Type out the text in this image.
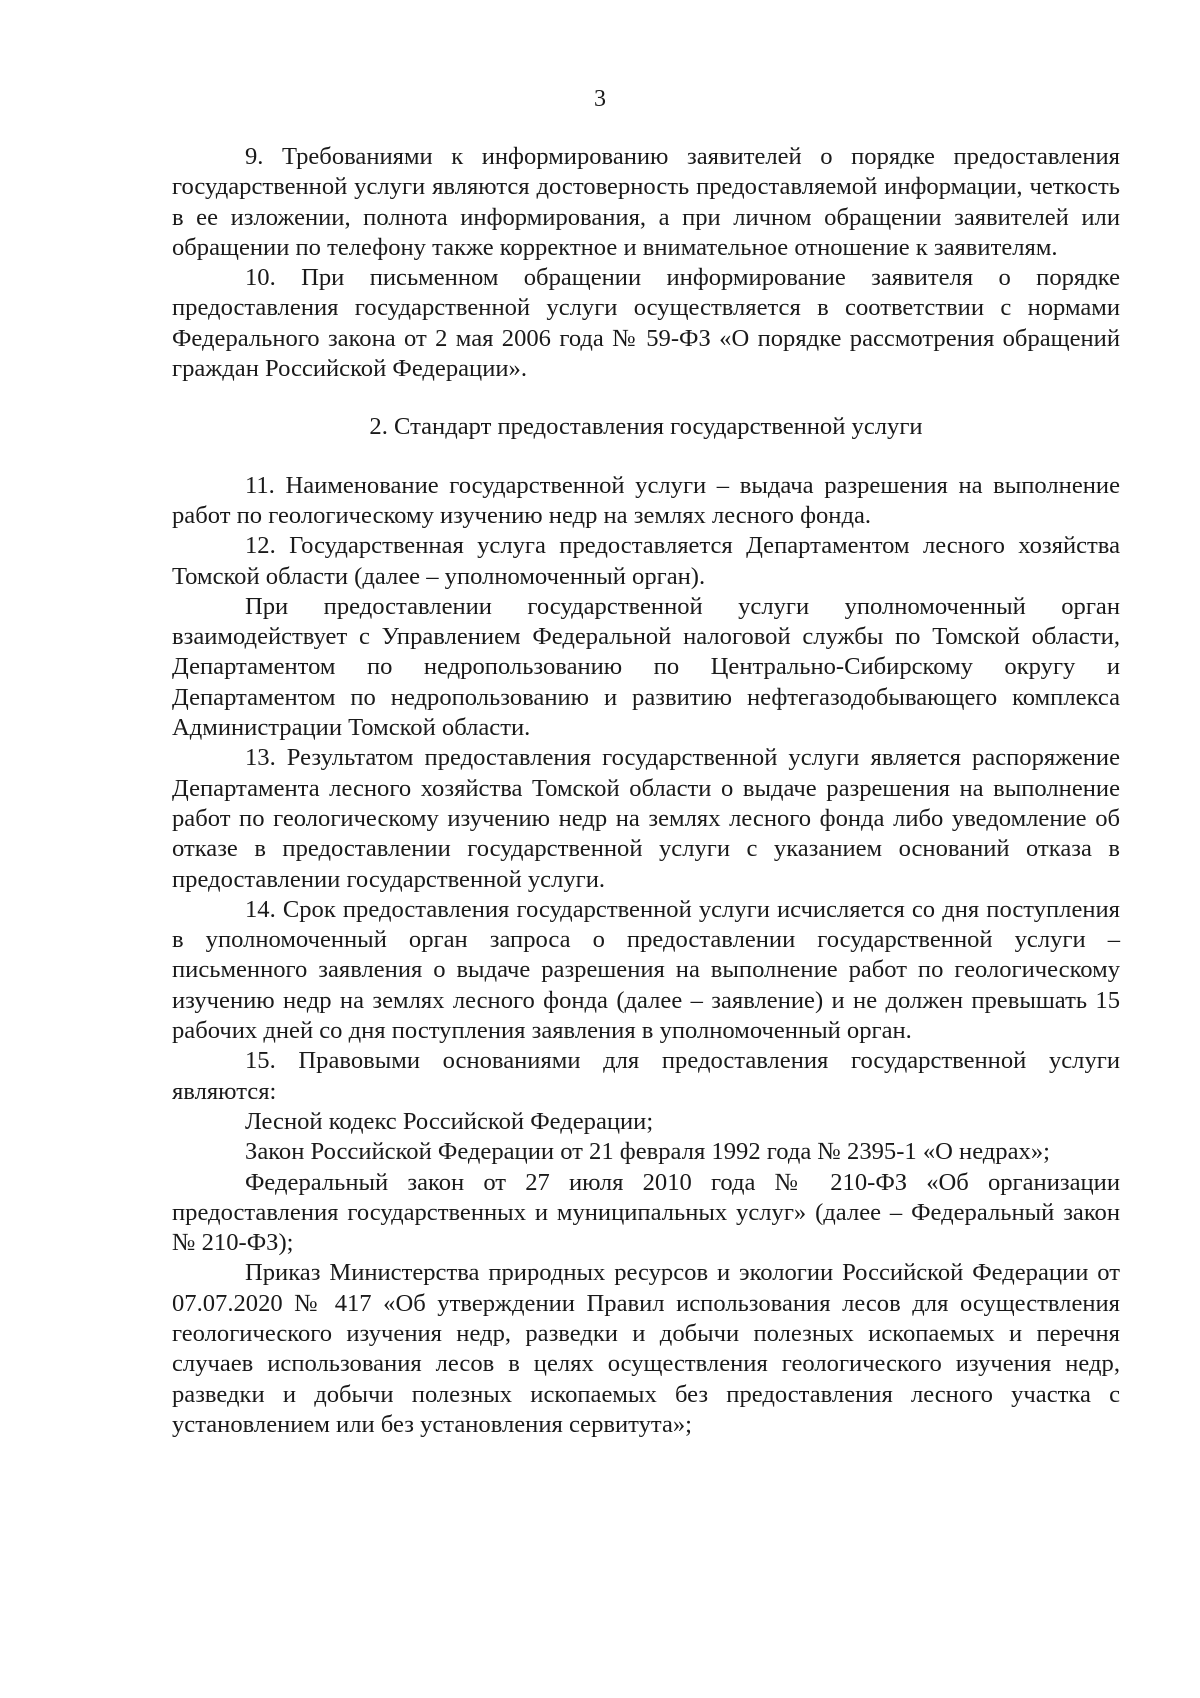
3

9. Требованиями к информированию заявителей о порядке предоставления государственной услуги являются достоверность предоставляемой информации, четкость в ее изложении, полнота информирования, а при личном обращении заявителей или обращении по телефону также корректное и внимательное отношение к заявителям.

10. При письменном обращении информирование заявителя о порядке предоставления государственной услуги осуществляется в соответствии с нормами Федерального закона от 2 мая 2006 года № 59-ФЗ «О порядке рассмотрения обращений граждан Российской Федерации».

2. Стандарт предоставления государственной услуги

11. Наименование государственной услуги – выдача разрешения на выполнение работ по геологическому изучению недр на землях лесного фонда.

12. Государственная услуга предоставляется Департаментом лесного хозяйства Томской области (далее – уполномоченный орган).

При предоставлении государственной услуги уполномоченный орган взаимодействует с Управлением Федеральной налоговой службы по Томской области, Департаментом по недропользованию по Центрально-Сибирскому округу и Департаментом по недропользованию и развитию нефтегазодобывающего комплекса Администрации Томской области.

13. Результатом предоставления государственной услуги является распоряжение Департамента лесного хозяйства Томской области о выдаче разрешения на выполнение работ по геологическому изучению недр на землях лесного фонда либо уведомление об отказе в предоставлении государственной услуги с указанием оснований отказа в предоставлении государственной услуги.

14. Срок предоставления государственной услуги исчисляется со дня поступления в уполномоченный орган запроса о предоставлении государственной услуги – письменного заявления о выдаче разрешения на выполнение работ по геологическому изучению недр на землях лесного фонда (далее – заявление) и не должен превышать 15 рабочих дней со дня поступления заявления в уполномоченный орган.

15. Правовыми основаниями для предоставления государственной услуги являются:

Лесной кодекс Российской Федерации;

Закон Российской Федерации от 21 февраля 1992 года № 2395-1 «О недрах»;

Федеральный закон от 27 июля 2010 года № 210-ФЗ «Об организации предоставления государственных и муниципальных услуг» (далее – Федеральный закон № 210-ФЗ);

Приказ Министерства природных ресурсов и экологии Российской Федерации от 07.07.2020 № 417 «Об утверждении Правил использования лесов для осуществления геологического изучения недр, разведки и добычи полезных ископаемых и перечня случаев использования лесов в целях осуществления геологического изучения недр, разведки и добычи полезных ископаемых без предоставления лесного участка с установлением или без установления сервитута»;
